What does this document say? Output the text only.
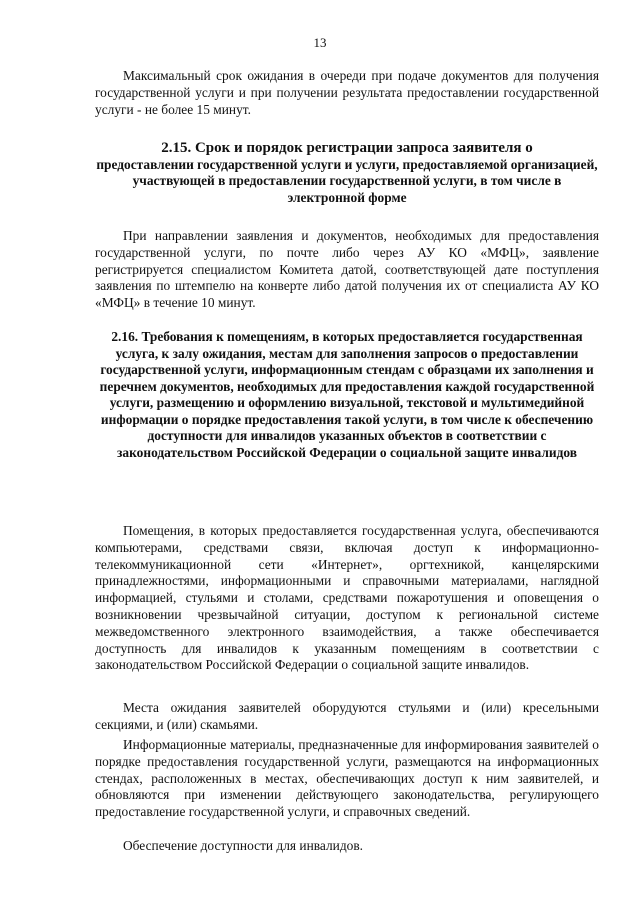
13

Максимальный срок ожидания в очереди при подаче документов для получения государственной услуги и при получении результата предоставлении государственной услуги - не более 15 минут.

2.15. Срок и порядок регистрации запроса заявителя о
предоставлении государственной услуги и услуги, предоставляемой организацией, участвующей в предоставлении государственной услуги, в том числе в электронной форме

При направлении заявления и документов, необходимых для предоставления государственной услуги, по почте либо через АУ КО «МФЦ», заявление регистрируется специалистом Комитета датой, соответствующей дате поступления заявления по штемпелю на конверте либо датой получения их от специалиста АУ КО «МФЦ» в течение 10 минут.

2.16. Требования к помещениям, в которых предоставляется государственная услуга, к залу ожидания, местам для заполнения запросов о предоставлении государственной услуги, информационным стендам с образцами их заполнения и перечнем документов, необходимых для предоставления каждой государственной услуги, размещению и оформлению визуальной, текстовой и мультимедийной информации о порядке предоставления такой услуги, в том числе к обеспечению доступности для инвалидов указанных объектов в соответствии с законодательством Российской Федерации о социальной защите инвалидов

Помещения, в которых предоставляется государственная услуга, обеспечиваются компьютерами, средствами связи, включая доступ к информационно-телекоммуникационной сети «Интернет», оргтехникой, канцелярскими принадлежностями, информационными и справочными материалами, наглядной информацией, стульями и столами, средствами пожаротушения и оповещения о возникновении чрезвычайной ситуации, доступом к региональной системе межведомственного электронного взаимодействия, а также обеспечивается доступность для инвалидов к указанным помещениям в соответствии с законодательством Российской Федерации о социальной защите инвалидов.

Места ожидания заявителей оборудуются стульями и (или) кресельными секциями, и (или) скамьями.

Информационные материалы, предназначенные для информирования заявителей о порядке предоставления государственной услуги, размещаются на информационных стендах, расположенных в местах, обеспечивающих доступ к ним заявителей, и обновляются при изменении действующего законодательства, регулирующего предоставление государственной услуги, и справочных сведений.

Обеспечение доступности для инвалидов.
